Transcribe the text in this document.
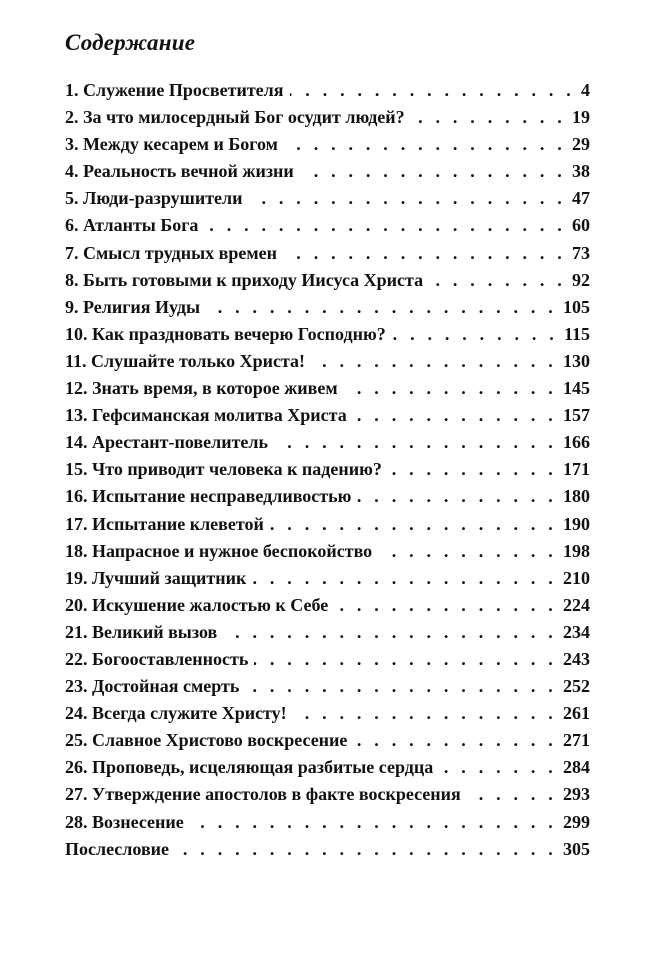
Содержание
1. Служение Просветителя . . .	4
2. За что милосердный Бог осудит людей? . . .	19
3. Между кесарем и Богом . . .	29
4. Реальность вечной жизни . . .	38
5. Люди-разрушители . . .	47
6. Атланты Бога . . .	60
7. Смысл трудных времен . . .	73
8. Быть готовыми к приходу Иисуса Христа . . .	92
9. Религия Иуды . . .	105
10. Как праздновать вечерю Господню? . . .	115
11. Слушайте только Христа! . . .	130
12. Знать время, в которое живем . . .	145
13. Гефсиманская молитва Христа . . .	157
14. Арестант-повелитель . . .	166
15. Что приводит человека к падению? . . .	171
16. Испытание несправедливостью . . .	180
17. Испытание клеветой . . .	190
18. Напрасное и нужное беспокойство . . .	198
19. Лучший защитник . . .	210
20. Искушение жалостью к Себе . . .	224
21. Великий вызов . . .	234
22. Богооставленность . . .	243
23. Достойная смерть . . .	252
24. Всегда служите Христу! . . .	261
25. Славное Христово воскресение . . .	271
26. Проповедь, исцеляющая разбитые сердца . . .	284
27. Утверждение апостолов в факте воскресения . . .	293
28. Вознесение . . .	299
Послесловие . . .	305
